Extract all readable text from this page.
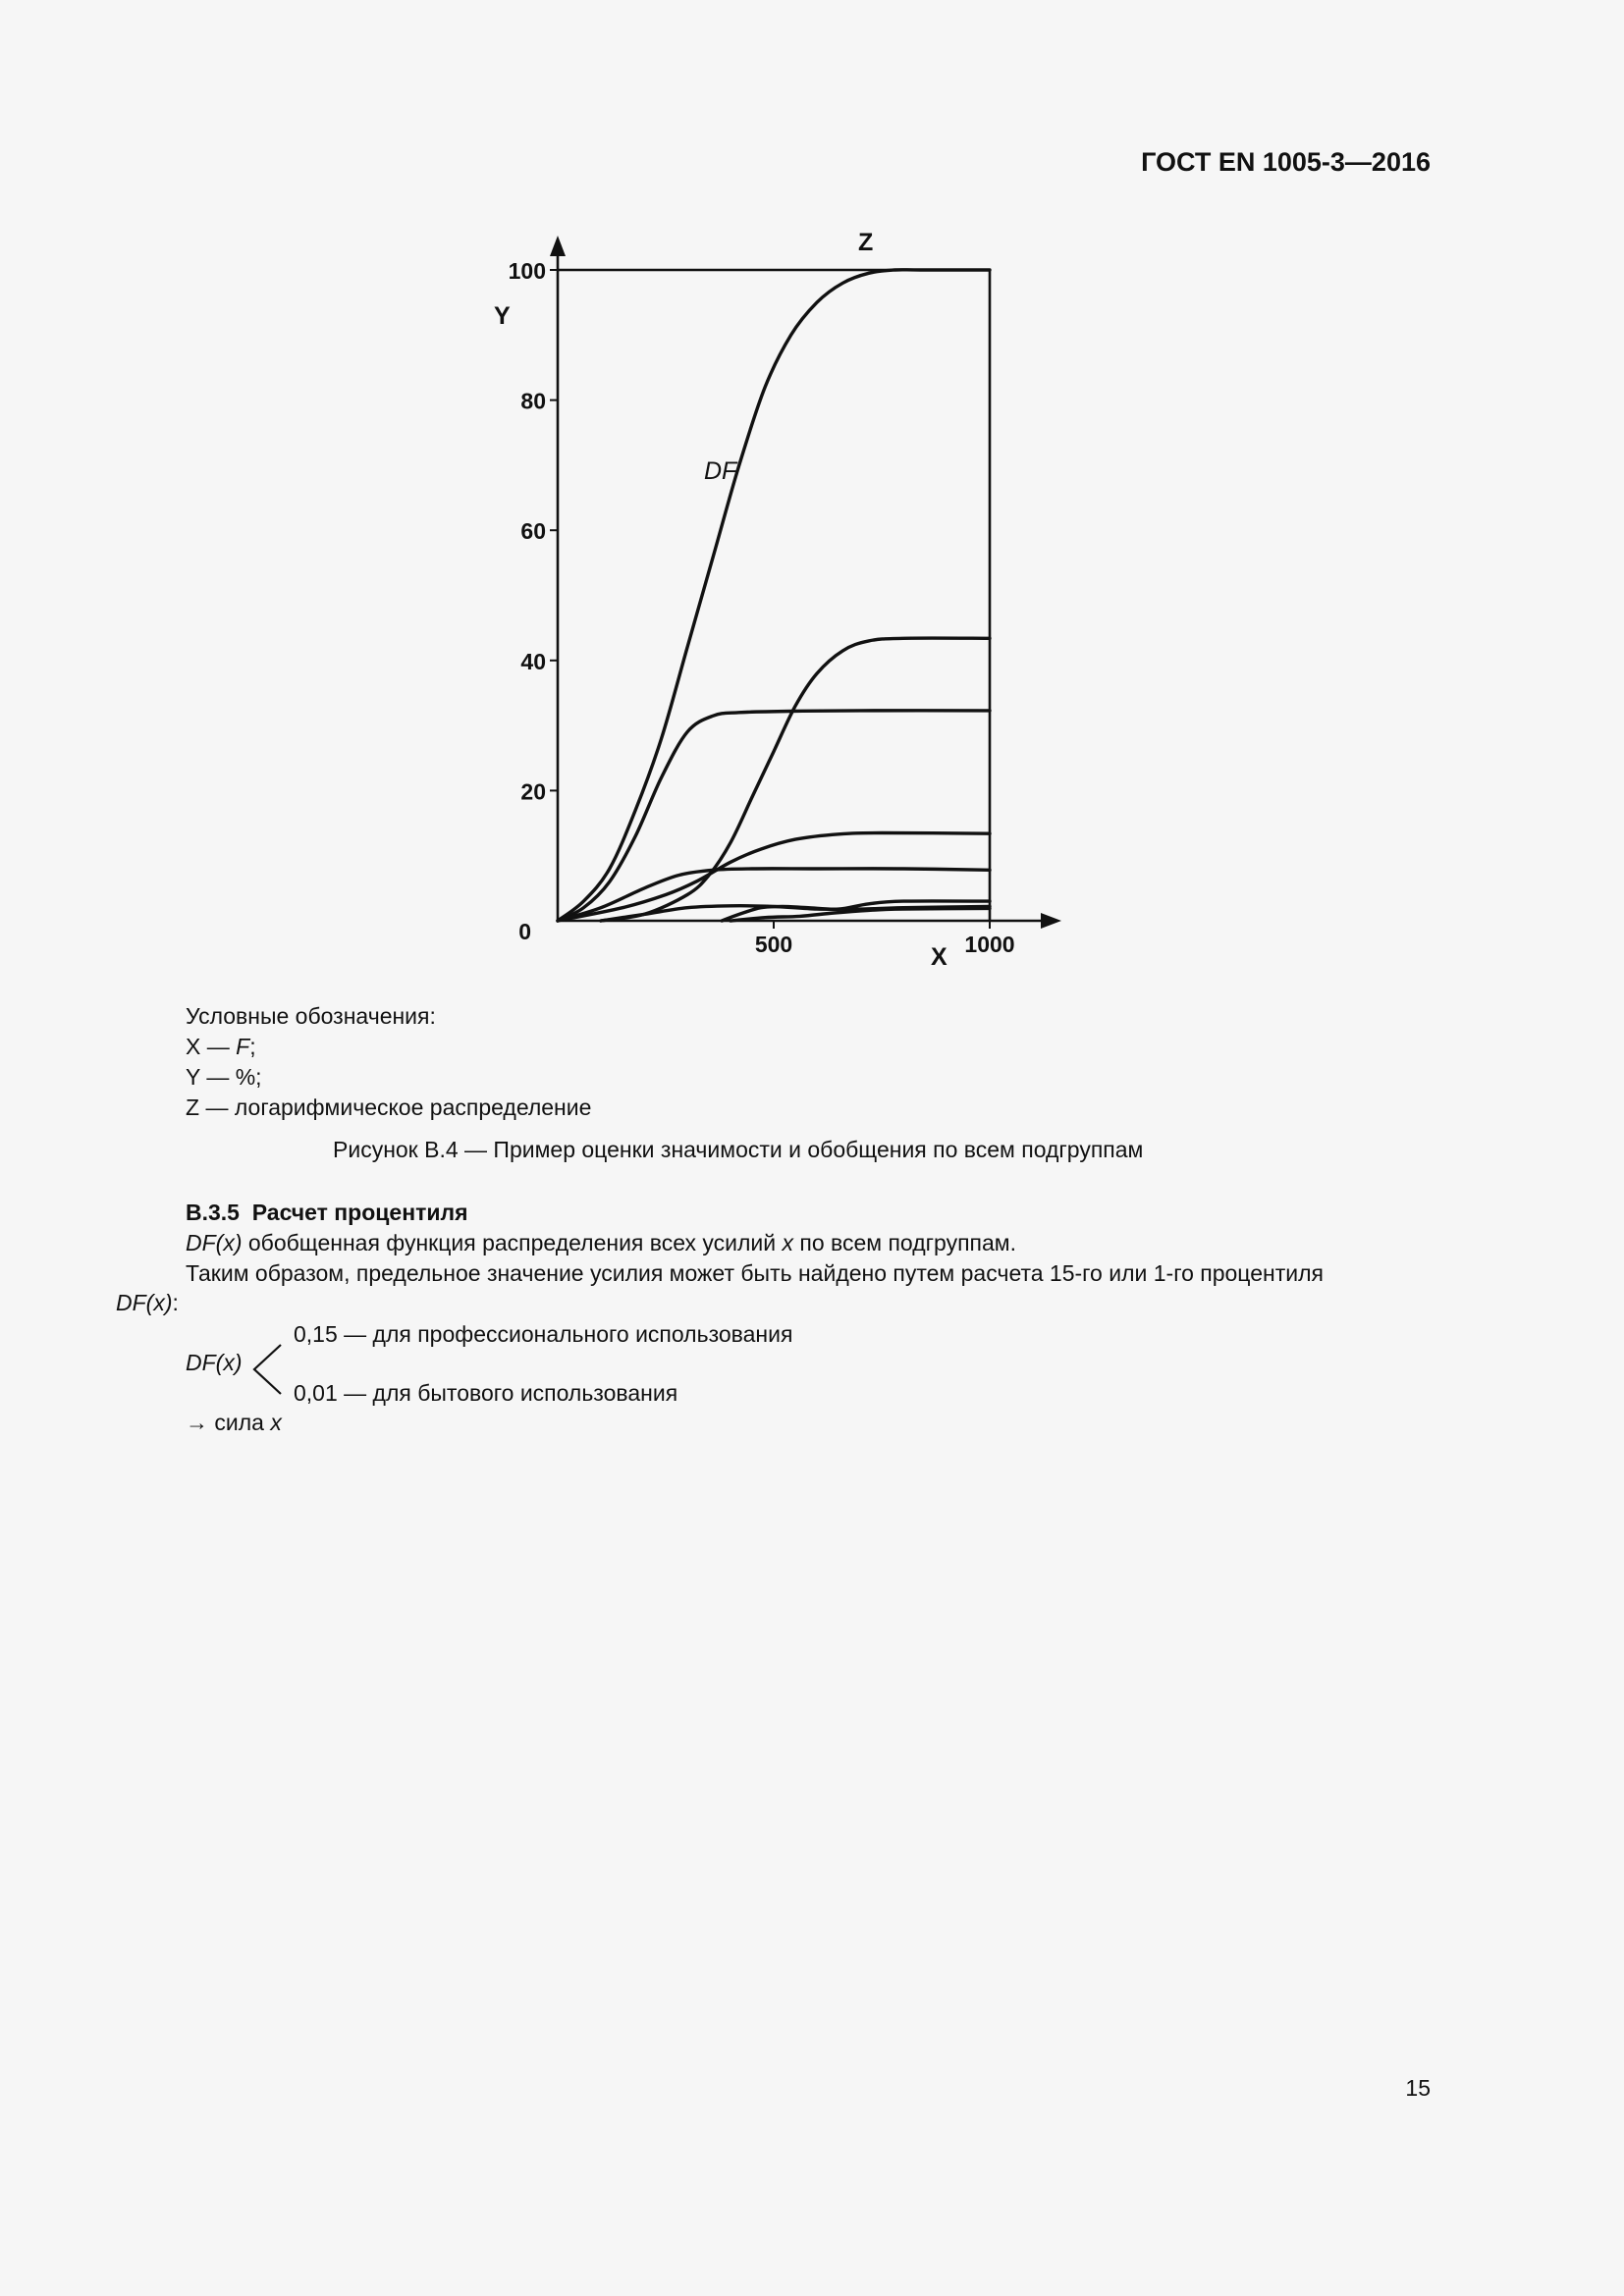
ГОСТ EN 1005-3—2016
0
20
40
60
80
100
500	1000
Y
X
Z
DF
Условные обозначения:
X — F;
Y — %;
Z — логарифмическое распределение
Рисунок В.4 — Пример оценки значимости и обобщения по всем подгруппам
В.3.5 Расчет процентиля
DF(x) обобщенная функция распределения всех усилий x по всем подгруппам.
Таким образом, предельное значение усилия может быть найдено путем расчета 15-го или 1-го процентиля
DF(x):
DF(x)
0,15 — для профессионального использования
0,01 — для бытового использования
→ сила x
15
